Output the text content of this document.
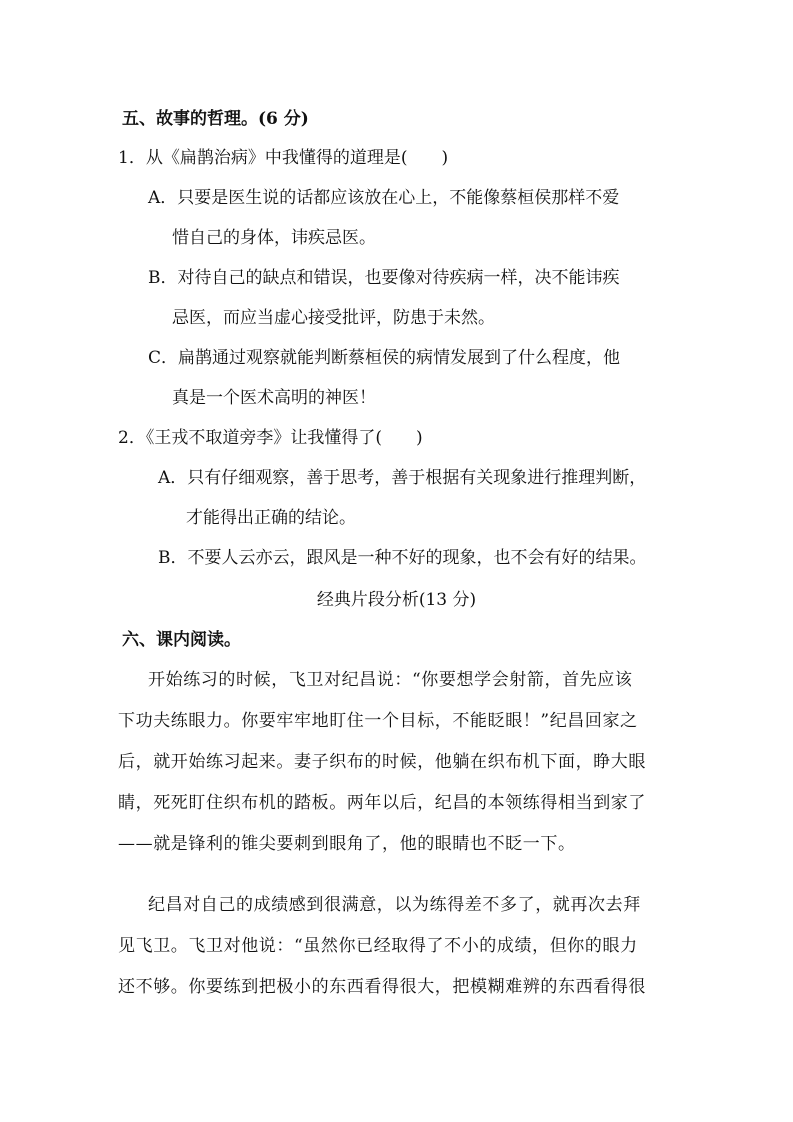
五、故事的哲理。(6 分)
1．从《扁鹊治病》中我懂得的道理是(　　)
A．只要是医生说的话都应该放在心上，不能像蔡桓侯那样不爱
惜自己的身体，讳疾忌医。
B．对待自己的缺点和错误，也要像对待疾病一样，决不能讳疾
忌医，而应当虚心接受批评，防患于未然。
C．扁鹊通过观察就能判断蔡桓侯的病情发展到了什么程度，他
真是一个医术高明的神医！
2．《王戎不取道旁李》让我懂得了(　　)
A．只有仔细观察，善于思考，善于根据有关现象进行推理判断，
才能得出正确的结论。
B．不要人云亦云，跟风是一种不好的现象，也不会有好的结果。
经典片段分析(13 分)
六、课内阅读。
开始练习的时候，飞卫对纪昌说：“你要想学会射箭，首先应该
下功夫练眼力。你要牢牢地盯住一个目标，不能眨眼！”纪昌回家之
后，就开始练习起来。妻子织布的时候，他躺在织布机下面，睁大眼
睛，死死盯住织布机的踏板。两年以后，纪昌的本领练得相当到家了
——就是锋利的锥尖要刺到眼角了，他的眼睛也不眨一下。
纪昌对自己的成绩感到很满意，以为练得差不多了，就再次去拜
见飞卫。飞卫对他说：“虽然你已经取得了不小的成绩，但你的眼力
还不够。你要练到把极小的东西看得很大，把模糊难辨的东西看得很
